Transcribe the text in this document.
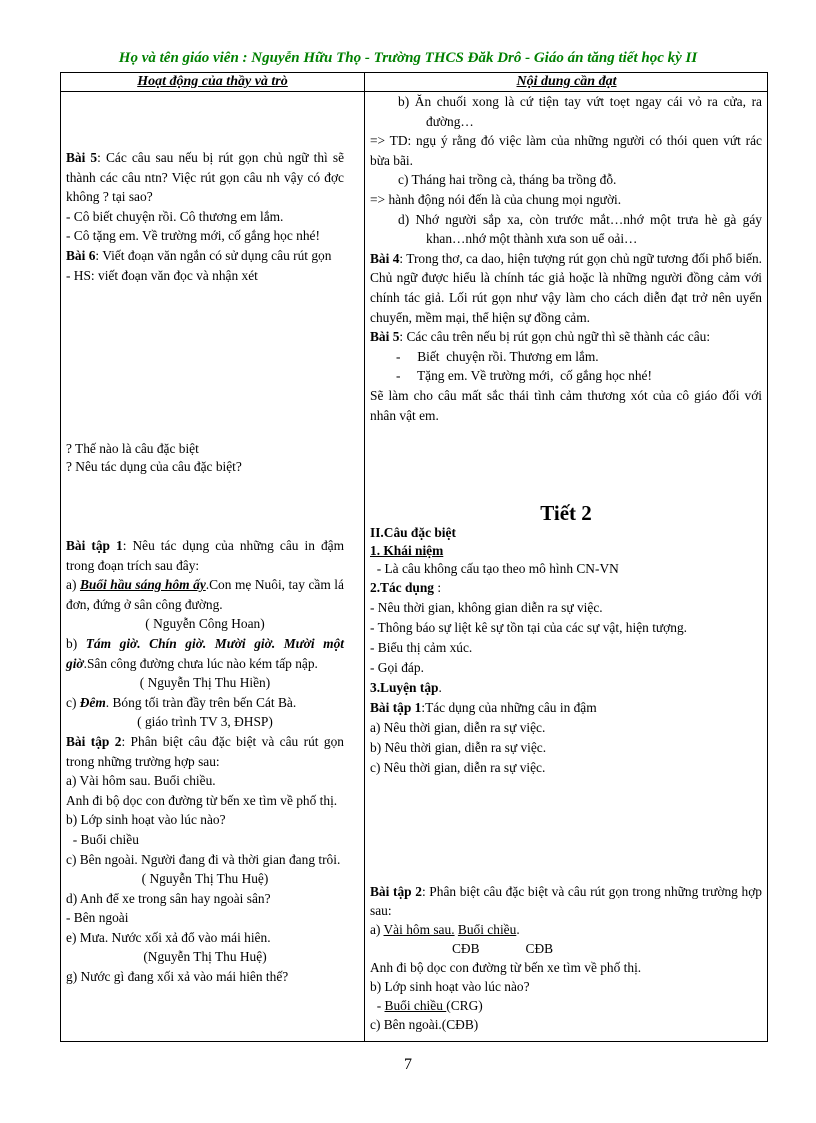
Họ và tên giáo viên : Nguyễn Hữu Thọ - Trường THCS Đăk Drô - Giáo án tăng tiết học kỳ II
Hoạt động của thầy và trò	Nội dung cần đạt

Bài 5: Các câu sau nếu bị rút gọn chủ ngữ thì sẽ thành các câu ntn? Việc rút gọn câu nh vậy có đợc không ? tại sao?

- Cô biết chuyện rồi. Cô thương em lắm.

- Cô tặng em. Về trường mới, cố gắng học nhé!

Bài 6: Viết đoạn văn ngắn có sử dụng câu rút gọn

- HS: viết đoạn văn đọc và nhận xét

? Thế nào là câu đặc biệt

? Nêu tác dụng của câu đặc biệt?

Bài tập 1: Nêu tác dụng của những câu in đậm trong đoạn trích sau đây:

a) Buổi hầu sáng hôm ấy.Con mẹ Nuôi, tay cầm lá đơn, đứng ở sân công đường.

( Nguyễn Công Hoan)

b) Tám giờ. Chín giờ. Mười giờ. Mười một giờ.Sân công đường chưa lúc nào kém tấp nập.

( Nguyễn Thị Thu Hiền)

c) Đêm. Bóng tối tràn đầy trên bến Cát Bà.

( giáo trình TV 3, ĐHSP)

Bài tập 2: Phân biệt câu đặc biệt và câu rút gọn trong những trường hợp sau:

a) Vài hôm sau. Buổi chiều.

Anh đi bộ dọc con đường từ bến xe tìm về phố thị.

b) Lớp sinh hoạt vào lúc nào?

- Buổi chiều

c) Bên ngoài. Người đang đi và thời gian đang trôi.

( Nguyễn Thị Thu Huệ)

d) Anh để xe trong sân hay ngoài sân?

- Bên ngoài

e) Mưa. Nước xối xả đổ vào mái hiên.

(Nguyễn Thị Thu Huệ)

g) Nước gì đang xối xả vào mái hiên thế?

b) Ăn chuối xong là cứ tiện tay vứt toẹt ngay cái vỏ ra cửa, ra đường…

=> TD: ngụ ý rằng đó việc làm của những người có thói quen vứt rác bừa bãi.

c) Tháng hai trồng cà, tháng ba trồng đỗ.

=> hành động nói đến là của chung mọi người.

d) Nhớ người sắp xa, còn trước mắt…nhớ một trưa hè gà gáy khan…nhớ một thành xưa son uể oải…

Bài 4: Trong thơ, ca dao, hiện tượng rút gọn chủ ngữ tương đối phổ biến. Chủ ngữ được hiểu là chính tác giả hoặc là những người đồng cảm với chính tác giả. Lối rút gọn như vậy làm cho cách diễn đạt trở nên uyển chuyển, mềm mại, thể hiện sự đồng cảm.

Bài 5: Các câu trên nếu bị rút gọn chủ ngữ thì sẽ thành các câu:

-     Biết  chuyện rồi. Thương em lắm.

-     Tặng em. Về trường mới,  cố gắng học nhé!

Sẽ làm cho câu mất sắc thái tình cảm thương xót của cô giáo đối với nhân vật em.

Tiết 2

II.Câu đặc biệt

1. Khái niệm

- Là câu không cấu tạo theo mô hình CN-VN

2.Tác dụng :

- Nêu thời gian, không gian diễn ra sự việc.

- Thông báo sự liệt kê sự tồn tại của các sự vật, hiện tượng.

- Biểu thị cảm xúc.

- Gọi đáp.

3.Luyện tập.

Bài tập 1:Tác dụng của những câu in đậm

a) Nêu thời gian, diễn ra sự việc.

b) Nêu thời gian, diễn ra sự việc.

c) Nêu thời gian, diễn ra sự việc.

Bài tập 2: Phân biệt câu đặc biệt và câu rút gọn trong những trường hợp sau:

a) Vài hôm sau. Buổi chiều.

CĐB	CĐB

Anh đi bộ dọc con đường từ bến xe tìm về phố thị.

b) Lớp sinh hoạt vào lúc nào?

- Buổi chiều (CRG)

c) Bên ngoài.(CĐB)

7
